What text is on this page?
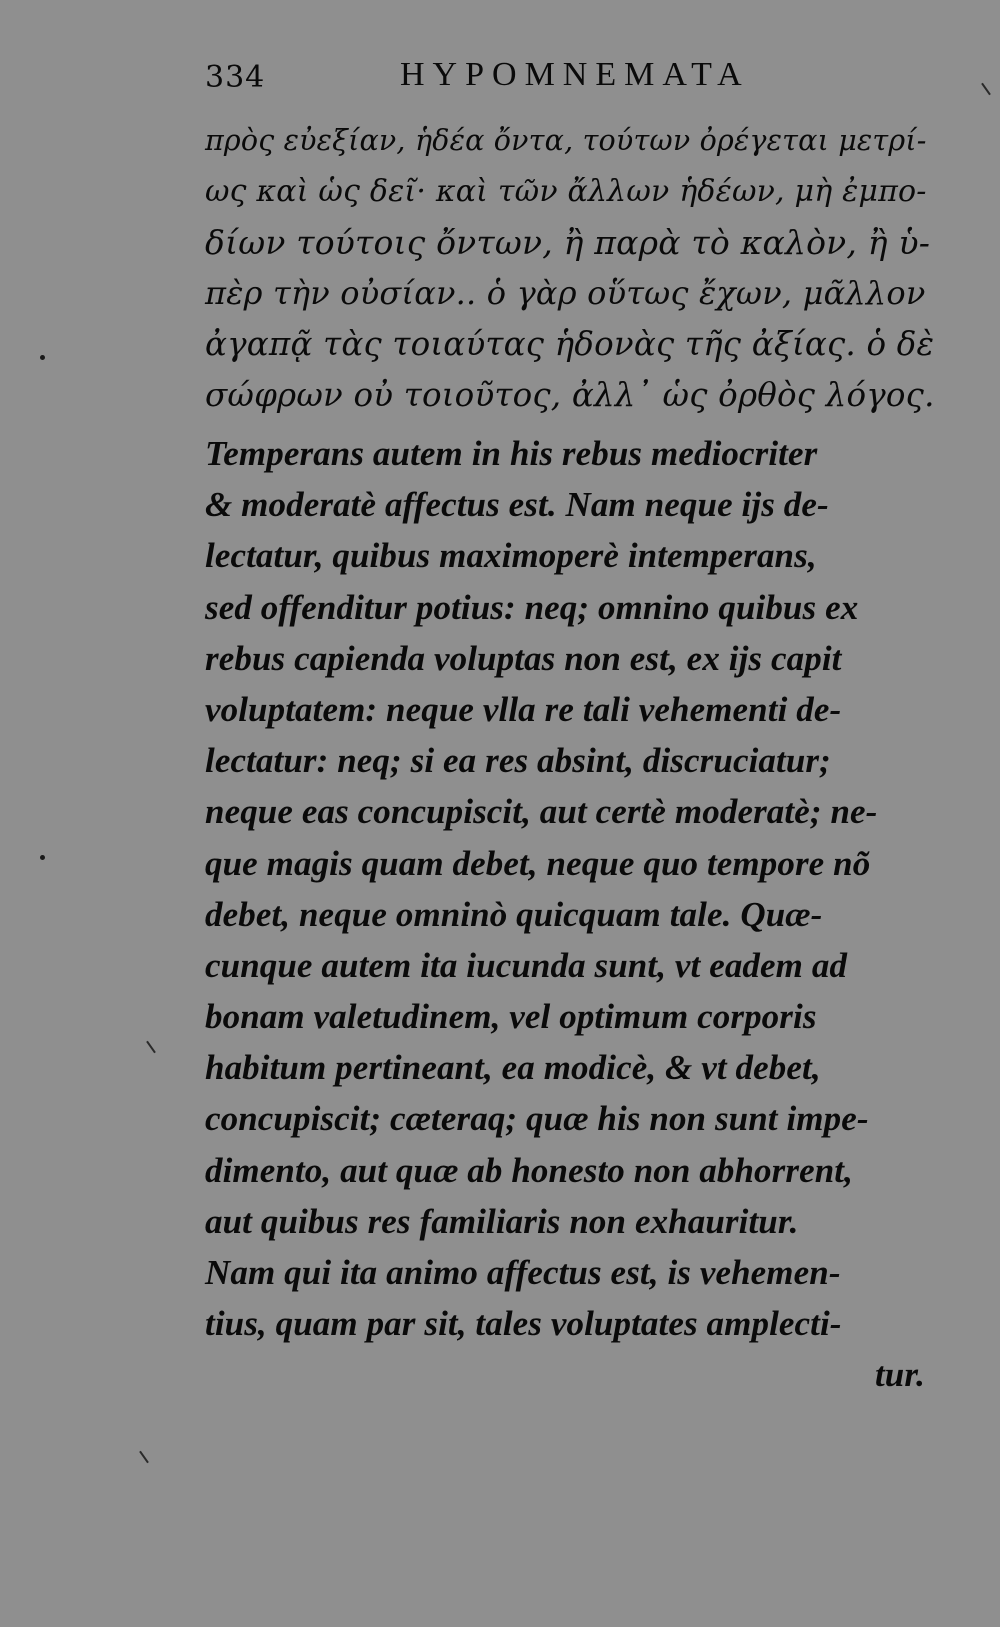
334	HYPOMNEMATA
πρὸς εὐεξίαν, ἡδέα ὄντα, τούτων ὀρέγεται μετρί-
ως καὶ ὡς δεῖ· καὶ τῶν ἄλλων ἡδέων, μὴ ἐμπο-
δίων τούτοις ὄντων, ἢ παρὰ τὸ καλὸν, ἢ ὑ-
πὲρ τὴν οὐσίαν.. ὁ γὰρ οὕτως ἔχων, μᾶλλον
ἀγαπᾷ τὰς τοιαύτας ἡδονὰς τῆς ἀξίας. ὁ δὲ
σώφρων οὐ τοιοῦτος, ἀλλ᾽ ὡς ὀρθὸς λόγος.
Temperans autem in his rebus mediocriter
& moderatè affectus est. Nam neque ijs de-
lectatur, quibus maximoperè intemperans,
sed offenditur potius: neq; omnino quibus ex
rebus capienda voluptas non est, ex ijs capit
voluptatem: neque vlla re tali vehementi de-
lectatur: neq; si ea res absint, discruciatur;
neque eas concupiscit, aut certè moderatè; ne-
que magis quam debet, neque quo tempore nõ
debet, neque omninò quicquam tale. Quæ-
cunque autem ita iucunda sunt, vt eadem ad
bonam valetudinem, vel optimum corporis
habitum pertineant, ea modicè, & vt debet,
concupiscit; cæteraq; quæ his non sunt impe-
dimento, aut quæ ab honesto non abhorrent,
aut quibus res familiaris non exhauritur.
Nam qui ita animo affectus est, is vehemen-
tius, quam par sit, tales voluptates amplecti-
tur.
